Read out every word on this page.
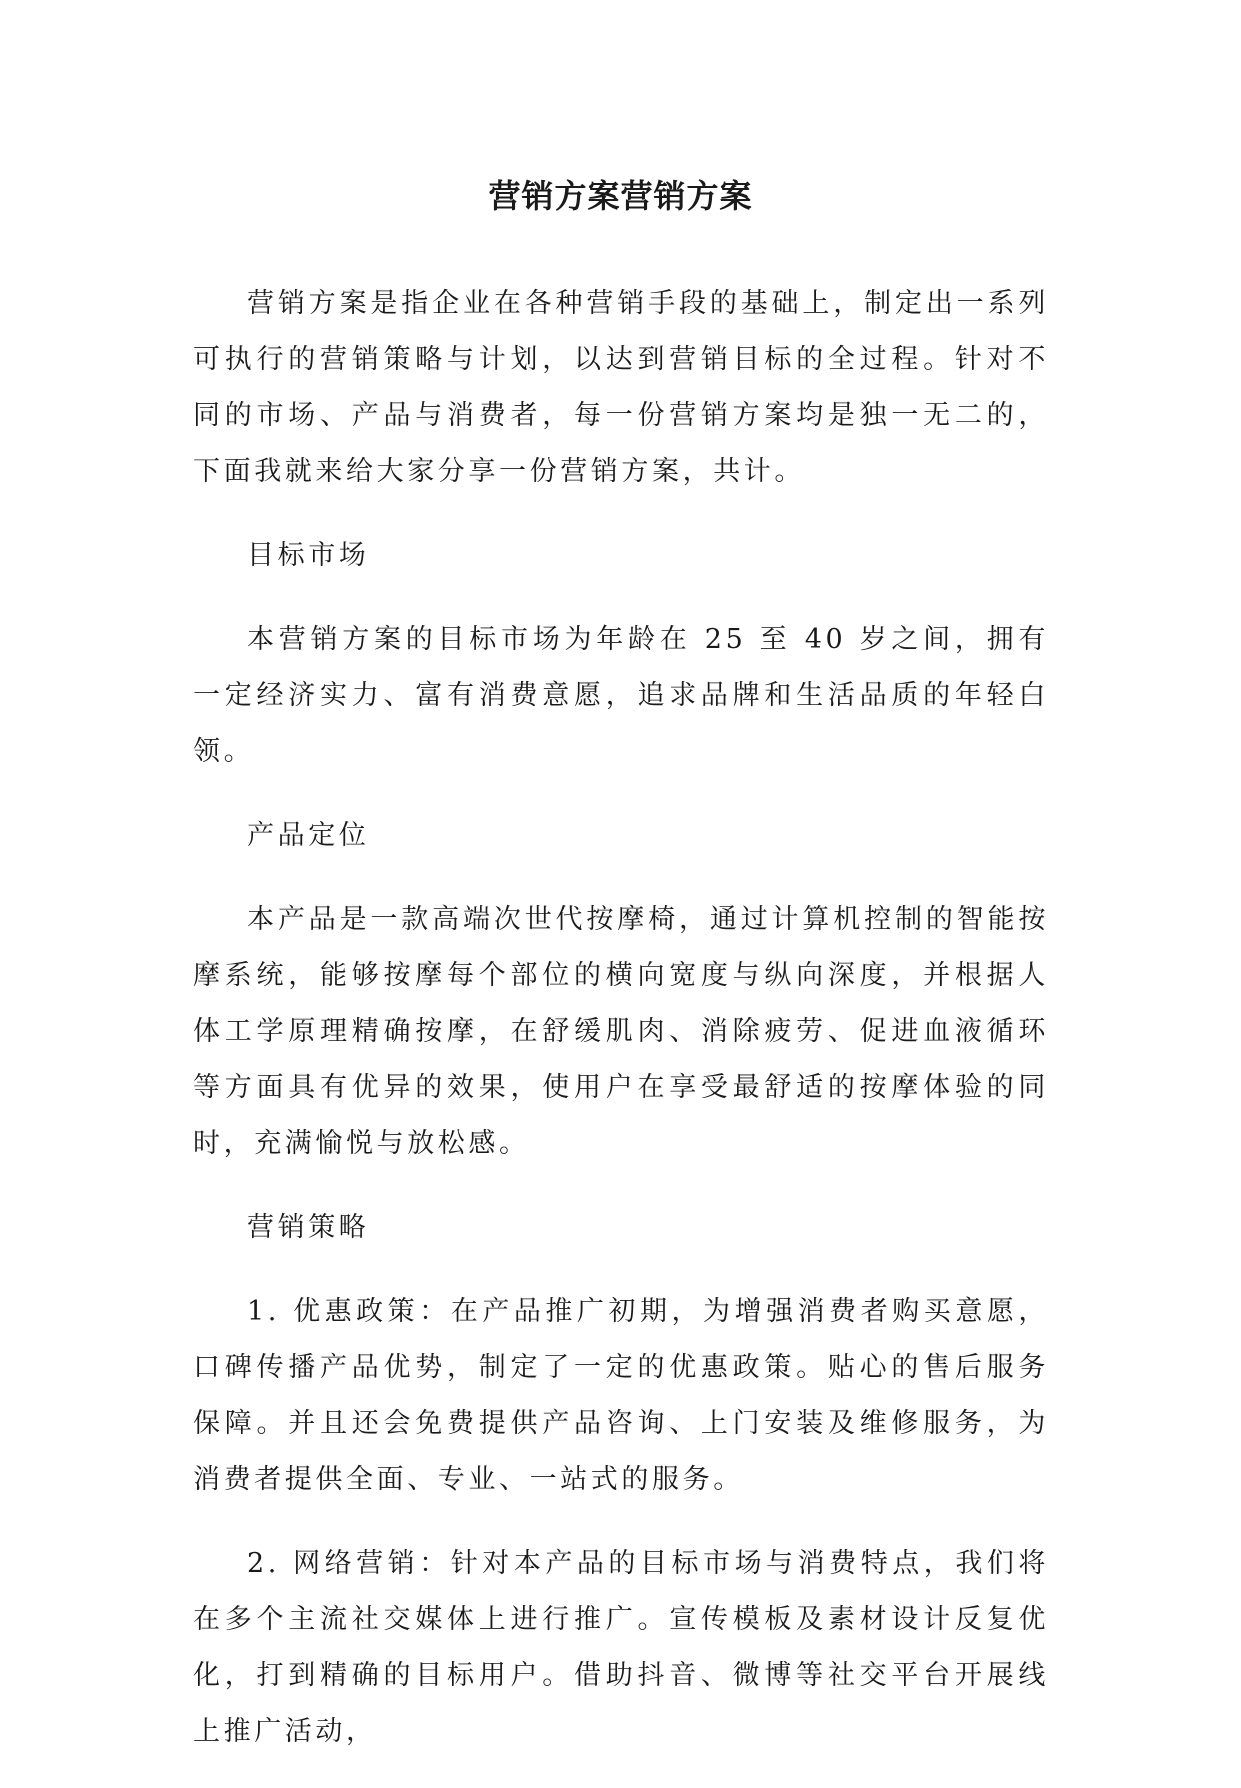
营销方案营销方案

营销方案是指企业在各种营销手段的基础上，制定出一系列可执行的营销策略与计划，以达到营销目标的全过程。针对不同的市场、产品与消费者，每一份营销方案均是独一无二的，下面我就来给大家分享一份营销方案，共计。

目标市场

本营销方案的目标市场为年龄在 25 至 40 岁之间，拥有一定经济实力、富有消费意愿，追求品牌和生活品质的年轻白领。

产品定位

本产品是一款高端次世代按摩椅，通过计算机控制的智能按摩系统，能够按摩每个部位的横向宽度与纵向深度，并根据人体工学原理精确按摩，在舒缓肌肉、消除疲劳、促进血液循环等方面具有优异的效果，使用户在享受最舒适的按摩体验的同时，充满愉悦与放松感。

营销策略

1. 优惠政策：在产品推广初期，为增强消费者购买意愿，口碑传播产品优势，制定了一定的优惠政策。贴心的售后服务保障。并且还会免费提供产品咨询、上门安装及维修服务，为消费者提供全面、专业、一站式的服务。

2. 网络营销：针对本产品的目标市场与消费特点，我们将在多个主流社交媒体上进行推广。宣传模板及素材设计反复优化，打到精确的目标用户。借助抖音、微博等社交平台开展线上推广活动，
